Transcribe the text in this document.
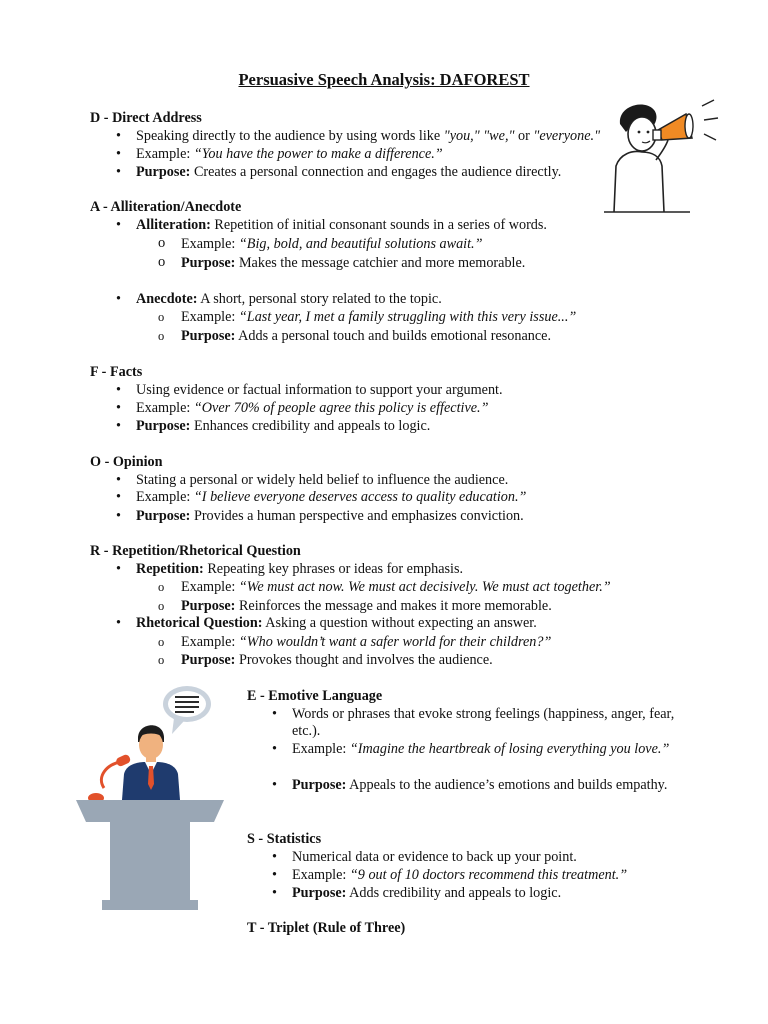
Persuasive Speech Analysis: DAFOREST
D - Direct Address
• Speaking directly to the audience by using words like "you," "we," or "everyone."
• Example: “You have the power to make a difference.”
• Purpose: Creates a personal connection and engages the audience directly.
A - Alliteration/Anecdote
• Alliteration: Repetition of initial consonant sounds in a series of words.
o Example: “Big, bold, and beautiful solutions await.”
o Purpose: Makes the message catchier and more memorable.
• Anecdote: A short, personal story related to the topic.
o Example: “Last year, I met a family struggling with this very issue...”
o Purpose: Adds a personal touch and builds emotional resonance.
F - Facts
• Using evidence or factual information to support your argument.
• Example: “Over 70% of people agree this policy is effective.”
• Purpose: Enhances credibility and appeals to logic.
O - Opinion
• Stating a personal or widely held belief to influence the audience.
• Example: “I believe everyone deserves access to quality education.”
• Purpose: Provides a human perspective and emphasizes conviction.
R - Repetition/Rhetorical Question
• Repetition: Repeating key phrases or ideas for emphasis.
o Example: “We must act now. We must act decisively. We must act together.”
o Purpose: Reinforces the message and makes it more memorable.
• Rhetorical Question: Asking a question without expecting an answer.
o Example: “Who wouldn’t want a safer world for their children?”
o Purpose: Provokes thought and involves the audience.
E - Emotive Language
• Words or phrases that evoke strong feelings (happiness, anger, fear, etc.).
• Example: “Imagine the heartbreak of losing everything you love.”
• Purpose: Appeals to the audience’s emotions and builds empathy.
S - Statistics
• Numerical data or evidence to back up your point.
• Example: “9 out of 10 doctors recommend this treatment.”
• Purpose: Adds credibility and appeals to logic.
T - Triplet (Rule of Three)
